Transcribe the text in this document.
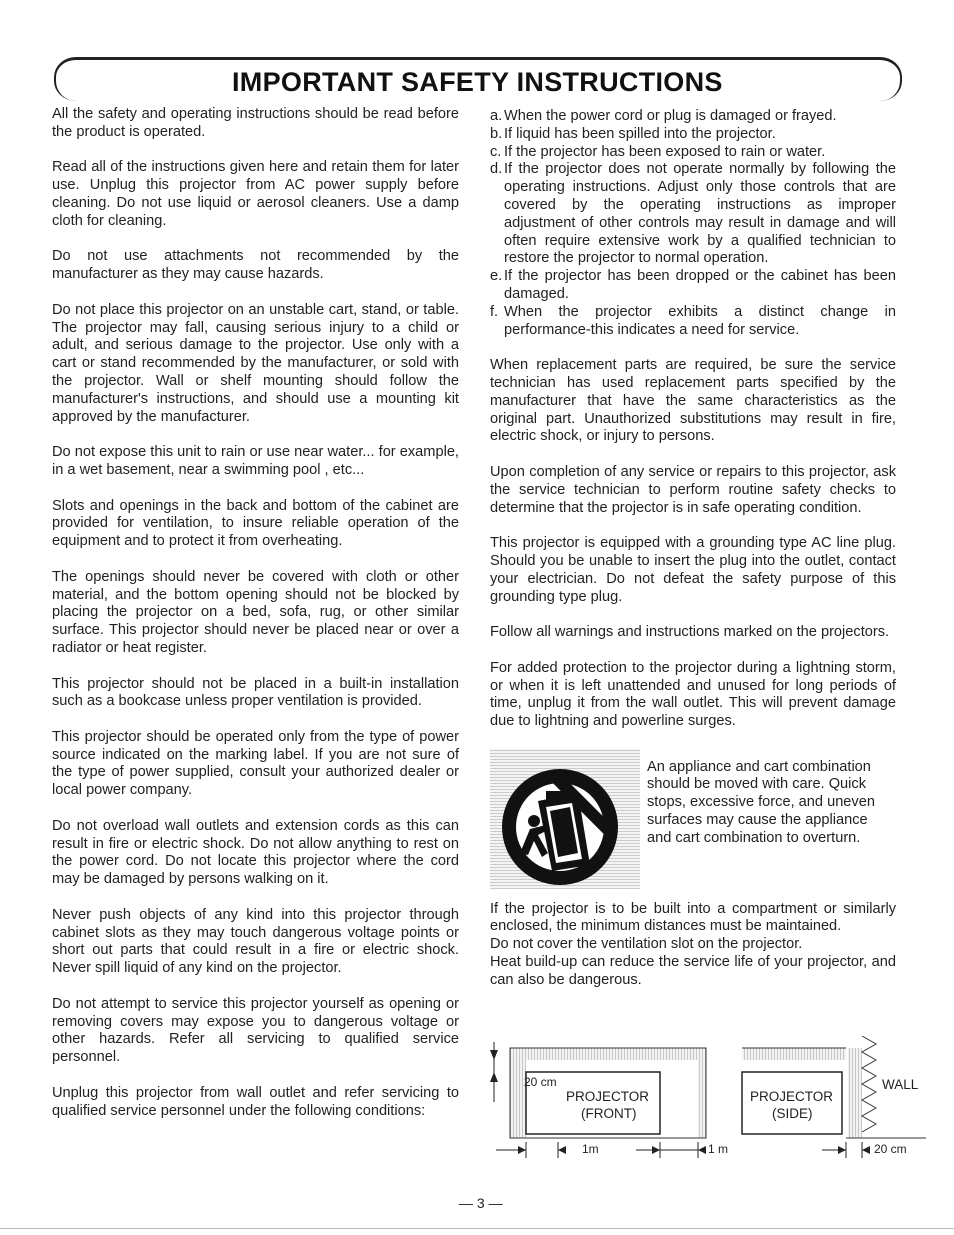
IMPORTANT SAFETY INSTRUCTIONS

All the safety and operating instructions should be read before the product is operated.

Read all of the instructions given here and retain them for later use. Unplug this projector from AC power supply before cleaning. Do not use liquid or aerosol cleaners. Use a damp cloth for cleaning.

Do not use attachments not recommended by the manufacturer as they may cause hazards.

Do not place this projector on an unstable cart, stand, or table. The projector may fall, causing serious injury to a child or adult, and serious damage to the projector. Use only with a cart or stand recommended by the manufacturer, or sold with the projector. Wall or shelf mounting should follow the manufacturer's instructions, and should use a mounting kit approved by the manufacturer.

Do not expose this unit to rain or use near water... for example, in a wet basement, near a swimming pool , etc...

Slots and openings in the back and bottom of the cabinet are provided for ventilation, to insure reliable operation of the equipment and to protect it from overheating.

The openings should never be covered with cloth or other material, and the bottom opening should not be blocked by placing the projector on a bed, sofa, rug, or other similar surface. This projector should never be placed near or over a radiator or heat register.

This projector should not be placed in a built-in installation such as a bookcase unless proper ventilation is provided.

This projector should be operated only from the type of power source indicated on the marking label. If you are not sure of the type of power supplied, consult your authorized dealer or local power company.

Do not overload wall outlets and extension cords as this can result in fire or electric shock. Do not allow anything to rest on the power cord. Do not locate this projector where the cord may be damaged by persons walking on it.

Never push objects of any kind into this projector through cabinet slots as they may touch dangerous voltage points or short out parts that could result in a fire or electric shock. Never spill liquid of any kind on the projector.

Do not attempt to service this projector yourself as opening or removing covers may expose you to dangerous voltage or other hazards. Refer all servicing to qualified service personnel.

Unplug this projector from wall outlet and refer servicing to qualified service personnel under the following conditions:

a. When the power cord or plug is damaged or frayed.
b. If liquid has been spilled into the projector.
c. If the projector has been exposed to rain or water.
d. If the projector does not operate normally by following the operating instructions. Adjust only those controls that are covered by the operating instructions as improper adjustment of other controls may result in damage and will often require extensive work by a qualified technician to restore the projector to normal operation.
e. If the projector has been dropped or the cabinet has been damaged.
f. When the projector exhibits a distinct change in performance-this indicates a need for service.

When replacement parts are required, be sure the service technician has used replacement parts specified by the manufacturer that have the same characteristics as the original part. Unauthorized substitutions may result in fire, electric shock, or injury to persons.

Upon completion of any service or repairs to this projector, ask the service technician to perform routine safety checks to determine that the projector is in safe operating condition.

This projector is equipped with a grounding type AC line plug. Should you be unable to insert the plug into the outlet, contact your electrician. Do not defeat the safety purpose of this grounding type plug.

Follow all warnings and instructions marked on the projectors.

For added protection to the projector during a lightning storm, or when it is left unattended and unused for long periods of time, unplug it from the wall outlet. This will prevent damage due to lightning and powerline surges.

An appliance and cart combination should be moved with care. Quick stops, excessive force, and uneven surfaces may cause the appliance and cart combination to overturn.

If the projector is to be built into a compartment or similarly enclosed, the minimum distances must be maintained.

Do not cover the ventilation slot on the projector.

Heat build-up can reduce the service life of your projector, and can also be dangerous.

20 cm
PROJECTOR
(FRONT)
PROJECTOR
(SIDE)
WALL
1m	1 m	20 cm
— 3 —
